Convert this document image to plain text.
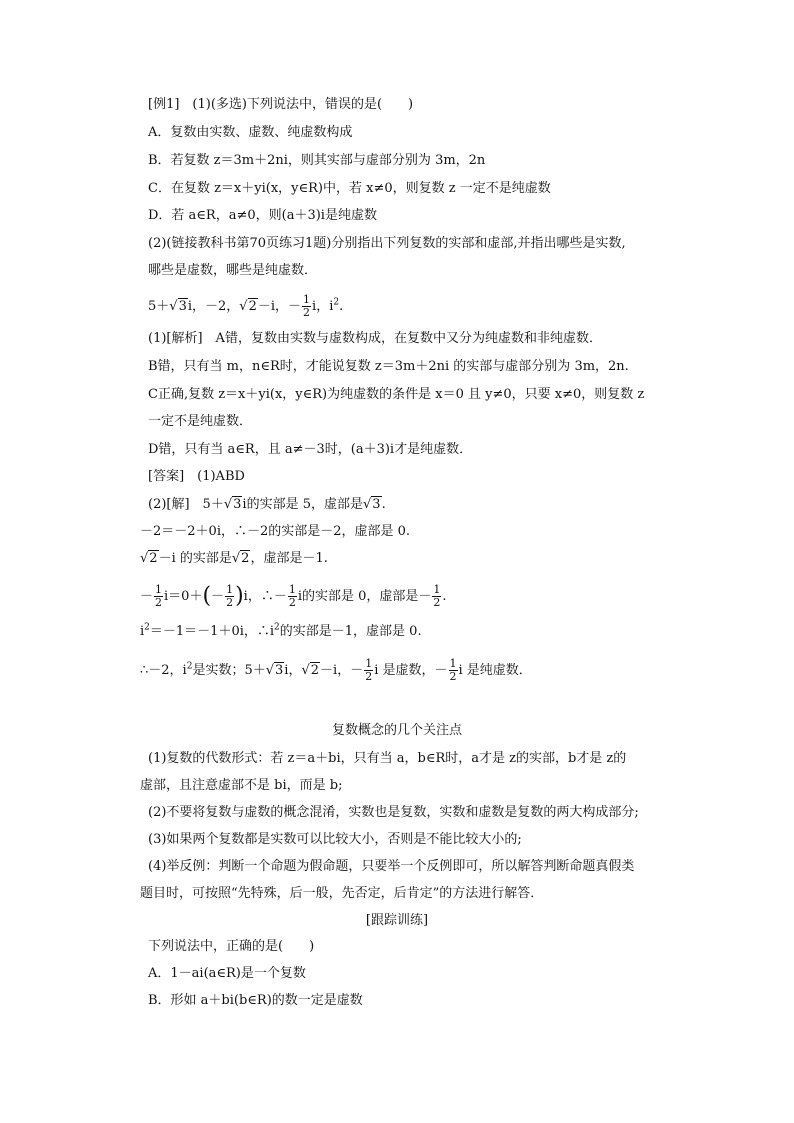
[例1]　(1)(多选)下列说法中，错误的是(　　)
A．复数由实数、虚数、纯虚数构成
B．若复数 z＝3m＋2ni，则其实部与虚部分别为 3m，2n
C．在复数 z＝x＋yi(x，y∈R)中，若 x≠0，则复数 z 一定不是纯虚数
D．若 a∈R，a≠0，则(a＋3)i是纯虚数
(2)(链接教科书第70页练习1题)分别指出下列复数的实部和虚部,并指出哪些是实数,
哪些是虚数，哪些是纯虚数．
5＋√3i，－2，√2－i，－ $\frac{1}{2}$ i，$i^2$.
(1)[解析]　A错，复数由实数与虚数构成，在复数中又分为纯虚数和非纯虚数．
B错，只有当 m，n∈R时，才能说复数 z＝3m＋2ni 的实部与虚部分别为 3m，2n.
C正确,复数 z＝x＋yi(x，y∈R)为纯虚数的条件是 x＝0 且 y≠0，只要 x≠0，则复数 z
一定不是纯虚数．
D错，只有当 a∈R，且 a≠－3时，(a＋3)i才是纯虚数．
[答案]　(1)ABD
(2)[解]　5＋√3i的实部是 5，虚部是√3.
－2＝－2＋0i，∴－2的实部是－2，虚部是 0.
√2－i 的实部是√2，虚部是－1.
－ $\frac{1}{2} i=0+(- \frac{1}{2} )i$，∴－ $\frac{1}{2}$ i的实部是 0，虚部是－ $\frac{1}{2}$ .
$i^2=-1=-1+0i$，$\therefore i^2$的实部是－1，虚部是 0.
∴－2，$i^2$是实数；5＋√3i，√2－i，－ $\frac{1}{2}$ i 是虚数，－ $\frac{1}{2}$ i 是纯虚数．
复数概念的几个关注点
(1)复数的代数形式：若 z＝a＋bi，只有当 a，b∈R时，a才是 z的实部，b才是 z的
虚部，且注意虚部不是 bi，而是 b;
(2)不要将复数与虚数的概念混淆，实数也是复数，实数和虚数是复数的两大构成部分;
(3)如果两个复数都是实数可以比较大小，否则是不能比较大小的;
(4)举反例：判断一个命题为假命题，只要举一个反例即可，所以解答判断命题真假类
题目时，可按照“先特殊，后一般，先否定，后肯定”的方法进行解答．
[跟踪训练]
下列说法中，正确的是(　　)
A．1－ai(a∈R)是一个复数
B．形如 a＋bi(b∈R)的数一定是虚数
